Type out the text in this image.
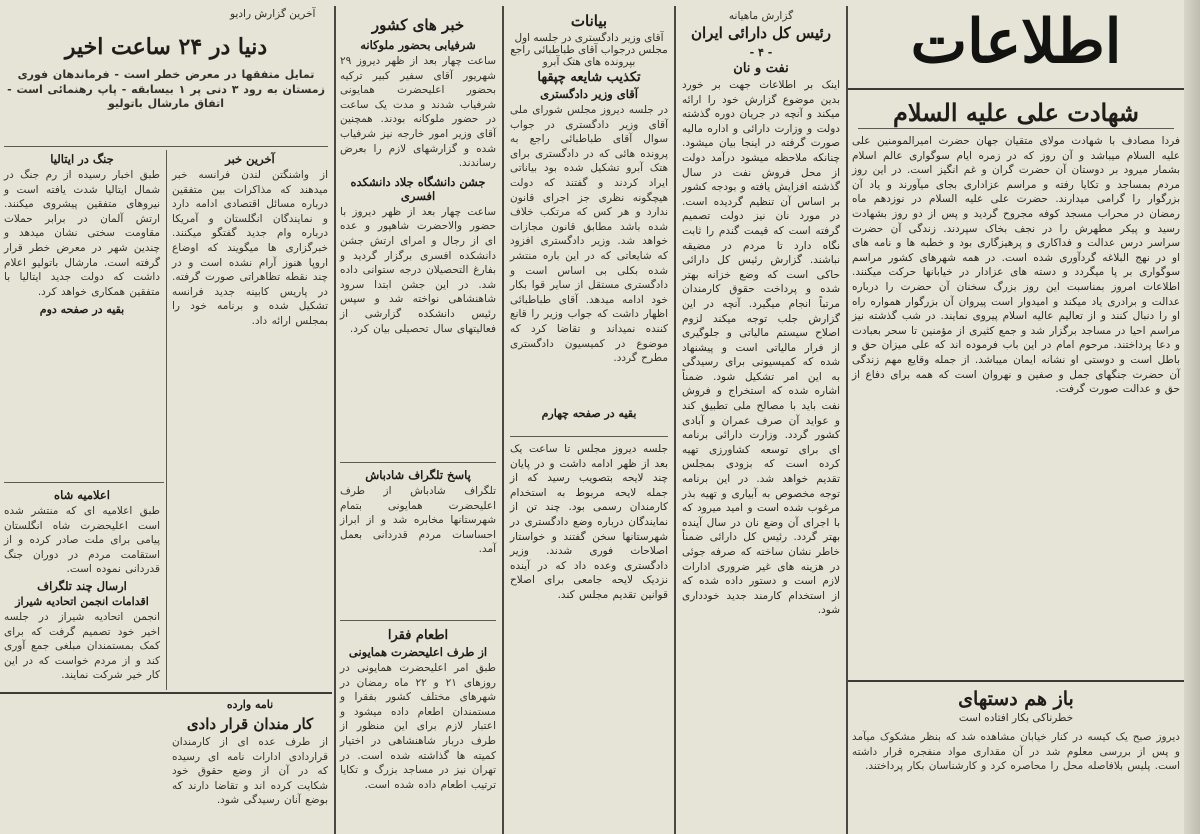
اطلاعات
شهادت علی علیه السلام

فردا مصادف با شهادت مولای متقیان جهان حضرت امیرالمومنین علی علیه السلام میباشد و آن روز که در زمره ایام سوگواری عالم اسلام بشمار میرود بر دوستان آن حضرت گران و غم انگیز است. در این روز مردم بمساجد و تکایا رفته و مراسم عزاداری بجای میآورند و یاد آن بزرگوار را گرامی میدارند. حضرت علی علیه السلام در نوزدهم ماه رمضان در محراب مسجد کوفه مجروح گردید و پس از دو روز بشهادت رسید و پیکر مطهرش را در نجف بخاک سپردند. زندگی آن حضرت سراسر درس عدالت و فداکاری و پرهیزگاری بود و خطبه ها و نامه های او در نهج البلاغه گردآوری شده است. در همه شهرهای کشور مراسم سوگواری بر پا میگردد و دسته های عزادار در خیابانها حرکت میکنند. اطلاعات امروز بمناسبت این روز بزرگ سخنان آن حضرت را درباره عدالت و برادری یاد میکند و امیدوار است پیروان آن بزرگوار همواره راه او را دنبال کنند و از تعالیم عالیه اسلام پیروی نمایند. در شب گذشته نیز مراسم احیا در مساجد برگزار شد و جمع کثیری از مؤمنین تا سحر بعبادت و دعا پرداختند. مرحوم امام در این باب فرموده اند که علی میزان حق و باطل است و دوستی او نشانه ایمان میباشد. از جمله وقایع مهم زندگی آن حضرت جنگهای جمل و صفین و نهروان است که همه برای دفاع از حق و عدالت صورت گرفت.

باز هم دستهای
خطرناکی بکار افتاده است

دیروز صبح یک کیسه در کنار خیابان مشاهده شد که بنظر مشکوک میآمد و پس از بررسی معلوم شد در آن مقداری مواد منفجره قرار داشته است. پلیس بلافاصله محل را محاصره کرد و کارشناسان بکار پرداختند.

گزارش ماهیانه
رئیس کل دارائی ایران
- ۴ -
نفت و نان

اینک بر اطلاعات جهت بر خورد بدین موضوع گزارش خود را ارائه میکند و آنچه در جریان دوره گذشته دولت و وزارت دارائی و اداره مالیه صورت گرفته در اینجا بیان میشود. چنانکه ملاحظه میشود درآمد دولت از محل فروش نفت در سال گذشته افزایش یافته و بودجه کشور بر اساس آن تنظیم گردیده است. در مورد نان نیز دولت تصمیم گرفته است که قیمت گندم را ثابت نگاه دارد تا مردم در مضیقه نباشند. گزارش رئیس کل دارائی حاکی است که وضع خزانه بهتر شده و پرداخت حقوق کارمندان مرتباً انجام میگیرد. آنچه در این گزارش جلب توجه میکند لزوم اصلاح سیستم مالیاتی و جلوگیری از فرار مالیاتی است و پیشنهاد شده که کمیسیونی برای رسیدگی به این امر تشکیل شود. ضمناً اشاره شده که استخراج و فروش نفت باید با مصالح ملی تطبیق کند و عواید آن صرف عمران و آبادی کشور گردد. وزارت دارائی برنامه ای برای توسعه کشاورزی تهیه کرده است که بزودی بمجلس تقدیم خواهد شد. در این برنامه توجه مخصوص به آبیاری و تهیه بذر مرغوب شده است و امید میرود که با اجرای آن وضع نان در سال آینده بهتر گردد. رئیس کل دارائی ضمناً خاطر نشان ساخته که صرفه جوئی در هزینه های غیر ضروری ادارات لازم است و دستور داده شده که از استخدام کارمند جدید خودداری شود.

بیانات
آقای وزیر دادگستری در جلسه اول مجلس درجواب آقای طباطبائی راجع بپرونده های هتک آبرو
تکذیب شایعه چپقها
آقای وزیر دادگستری

در جلسه دیروز مجلس شورای ملی آقای وزیر دادگستری در جواب سوال آقای طباطبائی راجع به پرونده هائی که در دادگستری برای هتک آبرو تشکیل شده بود بیاناتی ایراد کردند و گفتند که دولت هیچگونه نظری جز اجرای قانون ندارد و هر کس که مرتکب خلاف شده باشد مطابق قانون مجازات خواهد شد. وزیر دادگستری افزود که شایعاتی که در این باره منتشر شده بکلی بی اساس است و دادگستری مستقل از سایر قوا بکار خود ادامه میدهد. آقای طباطبائی اظهار داشت که جواب وزیر را قانع کننده نمیداند و تقاضا کرد که موضوع در کمیسیون دادگستری مطرح گردد.

بقیه در صفحه چهارم

جلسه دیروز مجلس تا ساعت یک بعد از ظهر ادامه داشت و در پایان چند لایحه بتصویب رسید که از جمله لایحه مربوط به استخدام کارمندان رسمی بود. چند تن از نمایندگان درباره وضع دادگستری در شهرستانها سخن گفتند و خواستار اصلاحات فوری شدند. وزیر دادگستری وعده داد که در آینده نزدیک لایحه جامعی برای اصلاح قوانین تقدیم مجلس کند.

خبر های کشور
شرفیابی بحضور ملوکانه

ساعت چهار بعد از ظهر دیروز ۲۹ شهریور آقای سفیر کبیر ترکیه بحضور اعلیحضرت همایونی شرفیاب شدند و مدت یک ساعت در حضور ملوکانه بودند. همچنین آقای وزیر امور خارجه نیز شرفیاب شده و گزارشهای لازم را بعرض رساندند.

جشن دانشگاه جلاد دانشکده افسری

ساعت چهار بعد از ظهر دیروز با حضور والاحضرت شاهپور و عده ای از رجال و امرای ارتش جشن دانشکده افسری برگزار گردید و بفارغ التحصیلان درجه ستوانی داده شد. در این جشن ابتدا سرود شاهنشاهی نواخته شد و سپس رئیس دانشکده گزارشی از فعالیتهای سال تحصیلی بیان کرد.

پاسخ تلگراف شادباش

تلگراف شادباش از طرف اعلیحضرت همایونی بتمام شهرستانها مخابره شد و از ابراز احساسات مردم قدردانی بعمل آمد.

اطعام فقرا
از طرف اعلیحضرت همایونی

طبق امر اعلیحضرت همایونی در روزهای ۲۱ و ۲۲ ماه رمضان در شهرهای مختلف کشور بفقرا و مستمندان اطعام داده میشود و اعتبار لازم برای این منظور از طرف دربار شاهنشاهی در اختیار کمیته ها گذاشته شده است. در تهران نیز در مساجد بزرگ و تکایا ترتیب اطعام داده شده است.

آخرین گزارش رادیو
دنیا در ۲۴ ساعت اخیر

تمایل متفقها در معرض خطر است - فرماندهان فوری زمستان به رود ۳ دنی پر ۱ بیسابقه - پاپ رهنمائی است - اتفاق مارشال باتوليو

آخرین خبر

از واشنگتن لندن فرانسه خبر میدهند که مذاکرات بین متفقین درباره مسائل اقتصادی ادامه دارد و نمایندگان انگلستان و آمریکا درباره وام جدید گفتگو میکنند. خبرگزاری ها میگویند که اوضاع اروپا هنوز آرام نشده است و در چند نقطه تظاهراتی صورت گرفته. در پاریس کابینه جدید فرانسه تشکیل شده و برنامه خود را بمجلس ارائه داد.

جنگ در ایتالیا

طبق اخبار رسیده از رم جنگ در شمال ایتالیا شدت یافته است و نیروهای متفقین پیشروی میکنند. ارتش آلمان در برابر حملات مقاومت سختی نشان میدهد و چندین شهر در معرض خطر قرار گرفته است. مارشال باتولیو اعلام داشت که دولت جدید ایتالیا با متفقین همکاری خواهد کرد.

بقیه در صفحه دوم
اعلامیه شاه

طبق اعلامیه ای که منتشر شده است اعلیحضرت شاه انگلستان پیامی برای ملت صادر کرده و از استقامت مردم در دوران جنگ قدردانی نموده است.

ارسال چند تلگراف
اقدامات انجمن اتحادیه شیراز

انجمن اتحادیه شیراز در جلسه اخیر خود تصمیم گرفت که برای کمک بمستمندان مبلغی جمع آوری کند و از مردم خواست که در این کار خیر شرکت نمایند.

نامه وارده
کار مندان قرار دادی

از طرف عده ای از کارمندان قراردادی ادارات نامه ای رسیده که در آن از وضع حقوق خود شکایت کرده اند و تقاضا دارند که بوضع آنان رسیدگی شود.
